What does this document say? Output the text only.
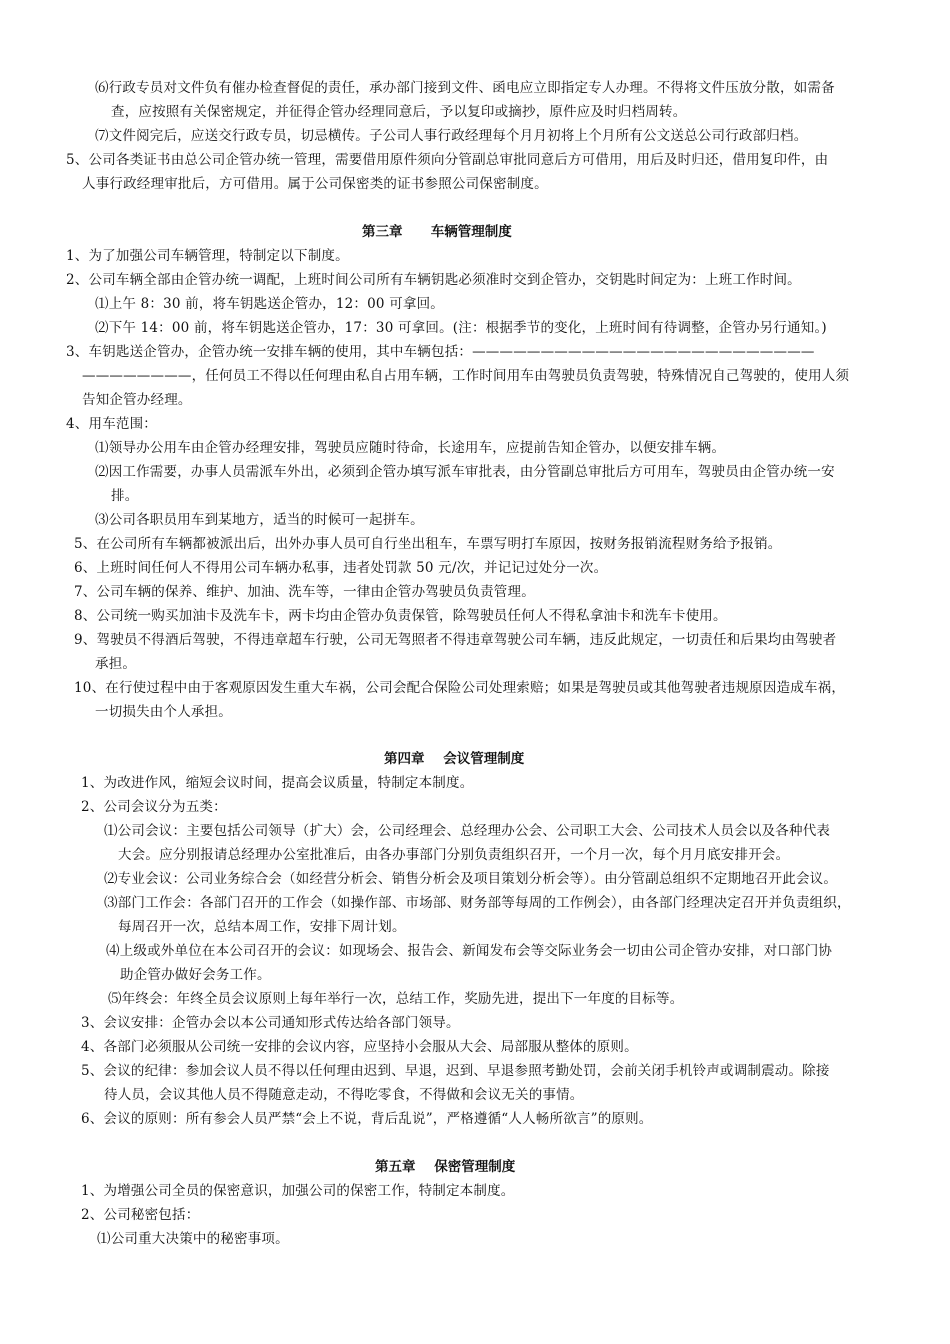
⑹行政专员对文件负有催办检查督促的责任，承办部门接到文件、函电应立即指定专人办理。不得将文件压放分散，如需备
查，应按照有关保密规定，并征得企管办经理同意后，予以复印或摘抄，原件应及时归档周转。
⑺文件阅完后，应送交行政专员，切忌横传。子公司人事行政经理每个月月初将上个月所有公文送总公司行政部归档。
5、公司各类证书由总公司企管办统一管理，需要借用原件须向分管副总审批同意后方可借用，用后及时归还，借用复印件，由
人事行政经理审批后，方可借用。属于公司保密类的证书参照公司保密制度。
第三章      车辆管理制度
1、为了加强公司车辆管理，特制定以下制度。
2、公司车辆全部由企管办统一调配，上班时间公司所有车辆钥匙必须准时交到企管办，交钥匙时间定为：上班工作时间。
⑴上午 8：30 前，将车钥匙送企管办，12：00 可拿回。
⑵下午 14：00 前，将车钥匙送企管办，17：30 可拿回。(注：根据季节的变化，上班时间有待调整，企管办另行通知。)
3、车钥匙送企管办，企管办统一安排车辆的使用，其中车辆包括：—————————————————————————
————————，任何员工不得以任何理由私自占用车辆，工作时间用车由驾驶员负责驾驶，特殊情况自己驾驶的，使用人须
告知企管办经理。
4、用车范围：
⑴领导办公用车由企管办经理安排，驾驶员应随时待命，长途用车，应提前告知企管办，以便安排车辆。
⑵因工作需要，办事人员需派车外出，必须到企管办填写派车审批表，由分管副总审批后方可用车，驾驶员由企管办统一安
排。
⑶公司各职员用车到某地方，适当的时候可一起拼车。
5、在公司所有车辆都被派出后，出外办事人员可自行坐出租车，车票写明打车原因，按财务报销流程财务给予报销。
6、上班时间任何人不得用公司车辆办私事，违者处罚款 50 元/次，并记记过处分一次。
7、公司车辆的保养、维护、加油、洗车等，一律由企管办驾驶员负责管理。
8、公司统一购买加油卡及洗车卡，两卡均由企管办负责保管，除驾驶员任何人不得私拿油卡和洗车卡使用。
9、驾驶员不得酒后驾驶，不得违章超车行驶，公司无驾照者不得违章驾驶公司车辆，违反此规定，一切责任和后果均由驾驶者
承担。
10、在行使过程中由于客观原因发生重大车祸，公司会配合保险公司处理索赔；如果是驾驶员或其他驾驶者违规原因造成车祸，
一切损失由个人承担。
第四章    会议管理制度
1、为改进作风，缩短会议时间，提高会议质量，特制定本制度。
2、公司会议分为五类：
⑴公司会议：主要包括公司领导（扩大）会，公司经理会、总经理办公会、公司职工大会、公司技术人员会以及各种代表
大会。应分别报请总经理办公室批准后，由各办事部门分别负责组织召开，一个月一次，每个月月底安排开会。
⑵专业会议：公司业务综合会（如经营分析会、销售分析会及项目策划分析会等）。由分管副总组织不定期地召开此会议。
⑶部门工作会：各部门召开的工作会（如操作部、市场部、财务部等每周的工作例会），由各部门经理决定召开并负责组织，
每周召开一次，总结本周工作，安排下周计划。
⑷上级或外单位在本公司召开的会议：如现场会、报告会、新闻发布会等交际业务会一切由公司企管办安排，对口部门协
助企管办做好会务工作。
⑸年终会：年终全员会议原则上每年举行一次，总结工作，奖励先进，提出下一年度的目标等。
3、会议安排：企管办会以本公司通知形式传达给各部门领导。
4、各部门必须服从公司统一安排的会议内容，应坚持小会服从大会、局部服从整体的原则。
5、会议的纪律：参加会议人员不得以任何理由迟到、早退，迟到、早退参照考勤处罚，会前关闭手机铃声或调制震动。除接
待人员，会议其他人员不得随意走动，不得吃零食，不得做和会议无关的事情。
6、会议的原则：所有参会人员严禁“会上不说，背后乱说”，严格遵循“人人畅所欲言”的原则。
第五章    保密管理制度
1、为增强公司全员的保密意识，加强公司的保密工作，特制定本制度。
2、公司秘密包括：
⑴公司重大决策中的秘密事项。
